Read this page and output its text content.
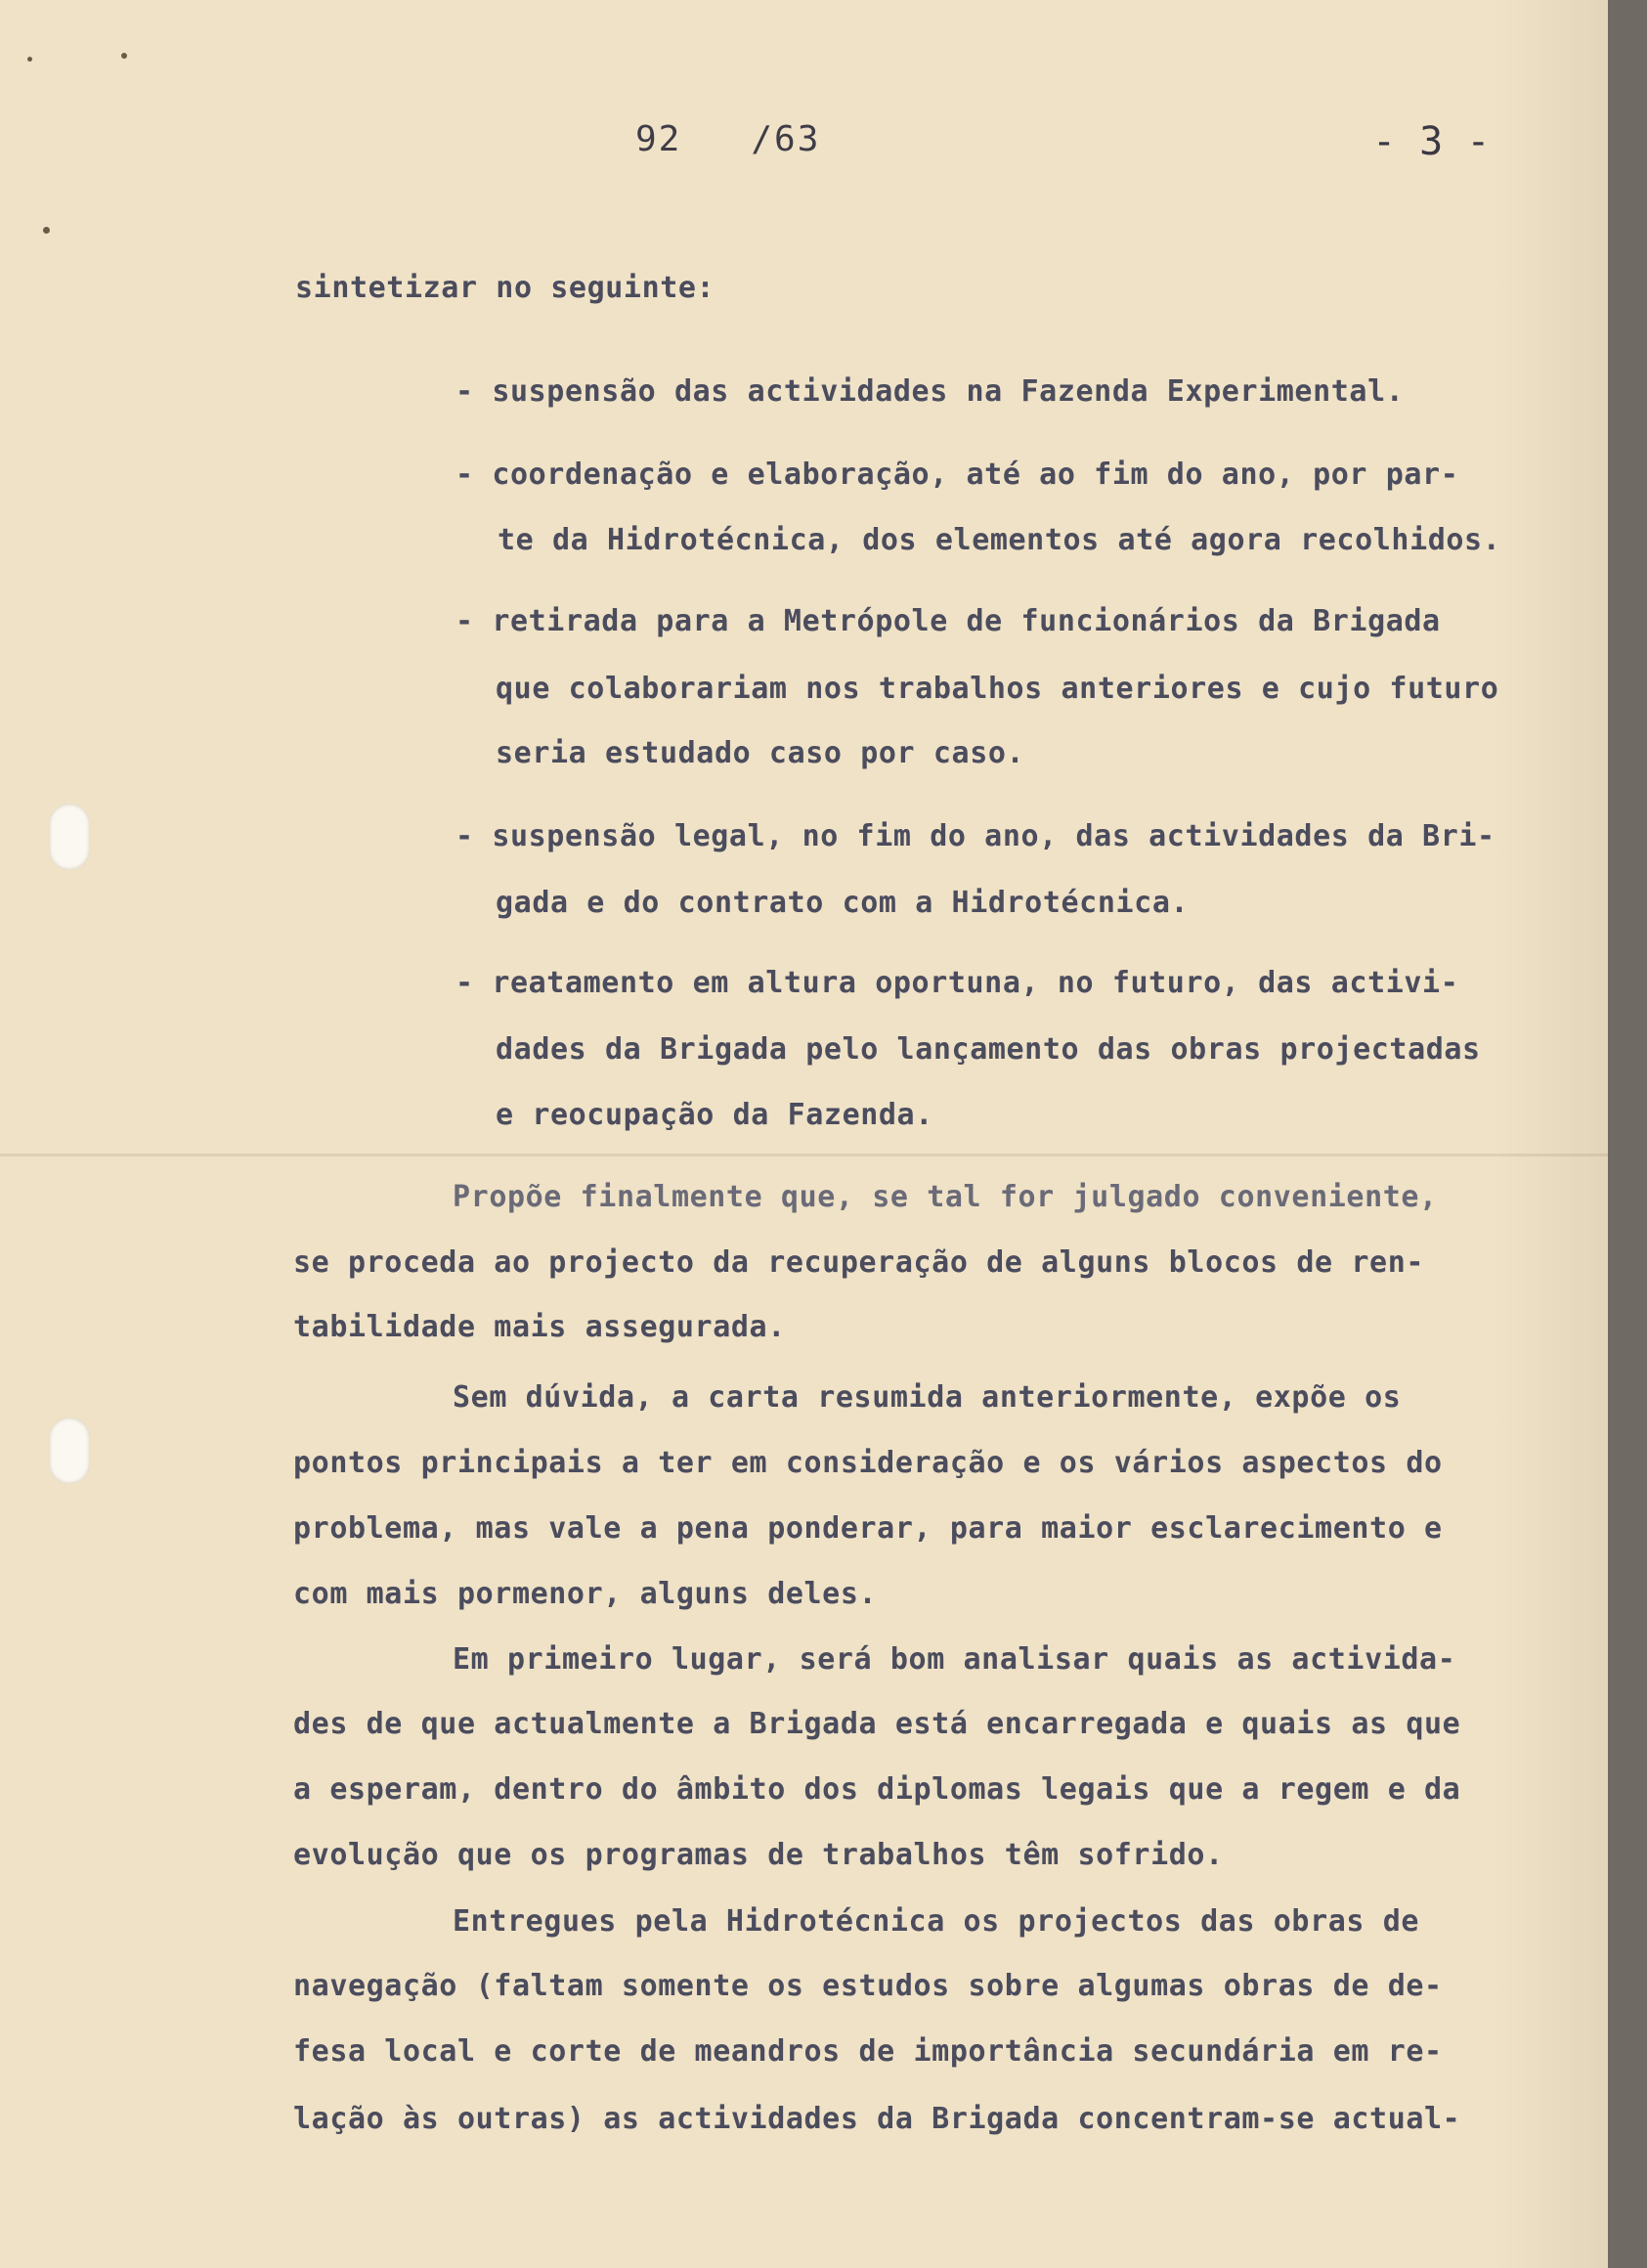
92   /63	- 3 -
sintetizar no seguinte:
- suspensão das actividades na Fazenda Experimental.
- coordenação e elaboração, até ao fim do ano, por par-
te da Hidrotécnica, dos elementos até agora recolhidos.
- retirada para a Metrópole de funcionários da Brigada
que colaborariam nos trabalhos anteriores e cujo futuro
seria estudado caso por caso.
- suspensão legal, no fim do ano, das actividades da Bri-
gada e do contrato com a Hidrotécnica.
- reatamento em altura oportuna, no futuro, das activi-
dades da Brigada pelo lançamento das obras projectadas
e reocupação da Fazenda.
Propõe finalmente que, se tal for julgado conveniente,
se proceda ao projecto da recuperação de alguns blocos de ren-
tabilidade mais assegurada.
Sem dúvida, a carta resumida anteriormente, expõe os
pontos principais a ter em consideração e os vários aspectos do
problema, mas vale a pena ponderar, para maior esclarecimento e
com mais pormenor, alguns deles.
Em primeiro lugar, será bom analisar quais as activida-
des de que actualmente a Brigada está encarregada e quais as que
a esperam, dentro do âmbito dos diplomas legais que a regem e da
evolução que os programas de trabalhos têm sofrido.
Entregues pela Hidrotécnica os projectos das obras de
navegação (faltam somente os estudos sobre algumas obras de de-
fesa local e corte de meandros de importância secundária em re-
lação às outras) as actividades da Brigada concentram-se actual-
